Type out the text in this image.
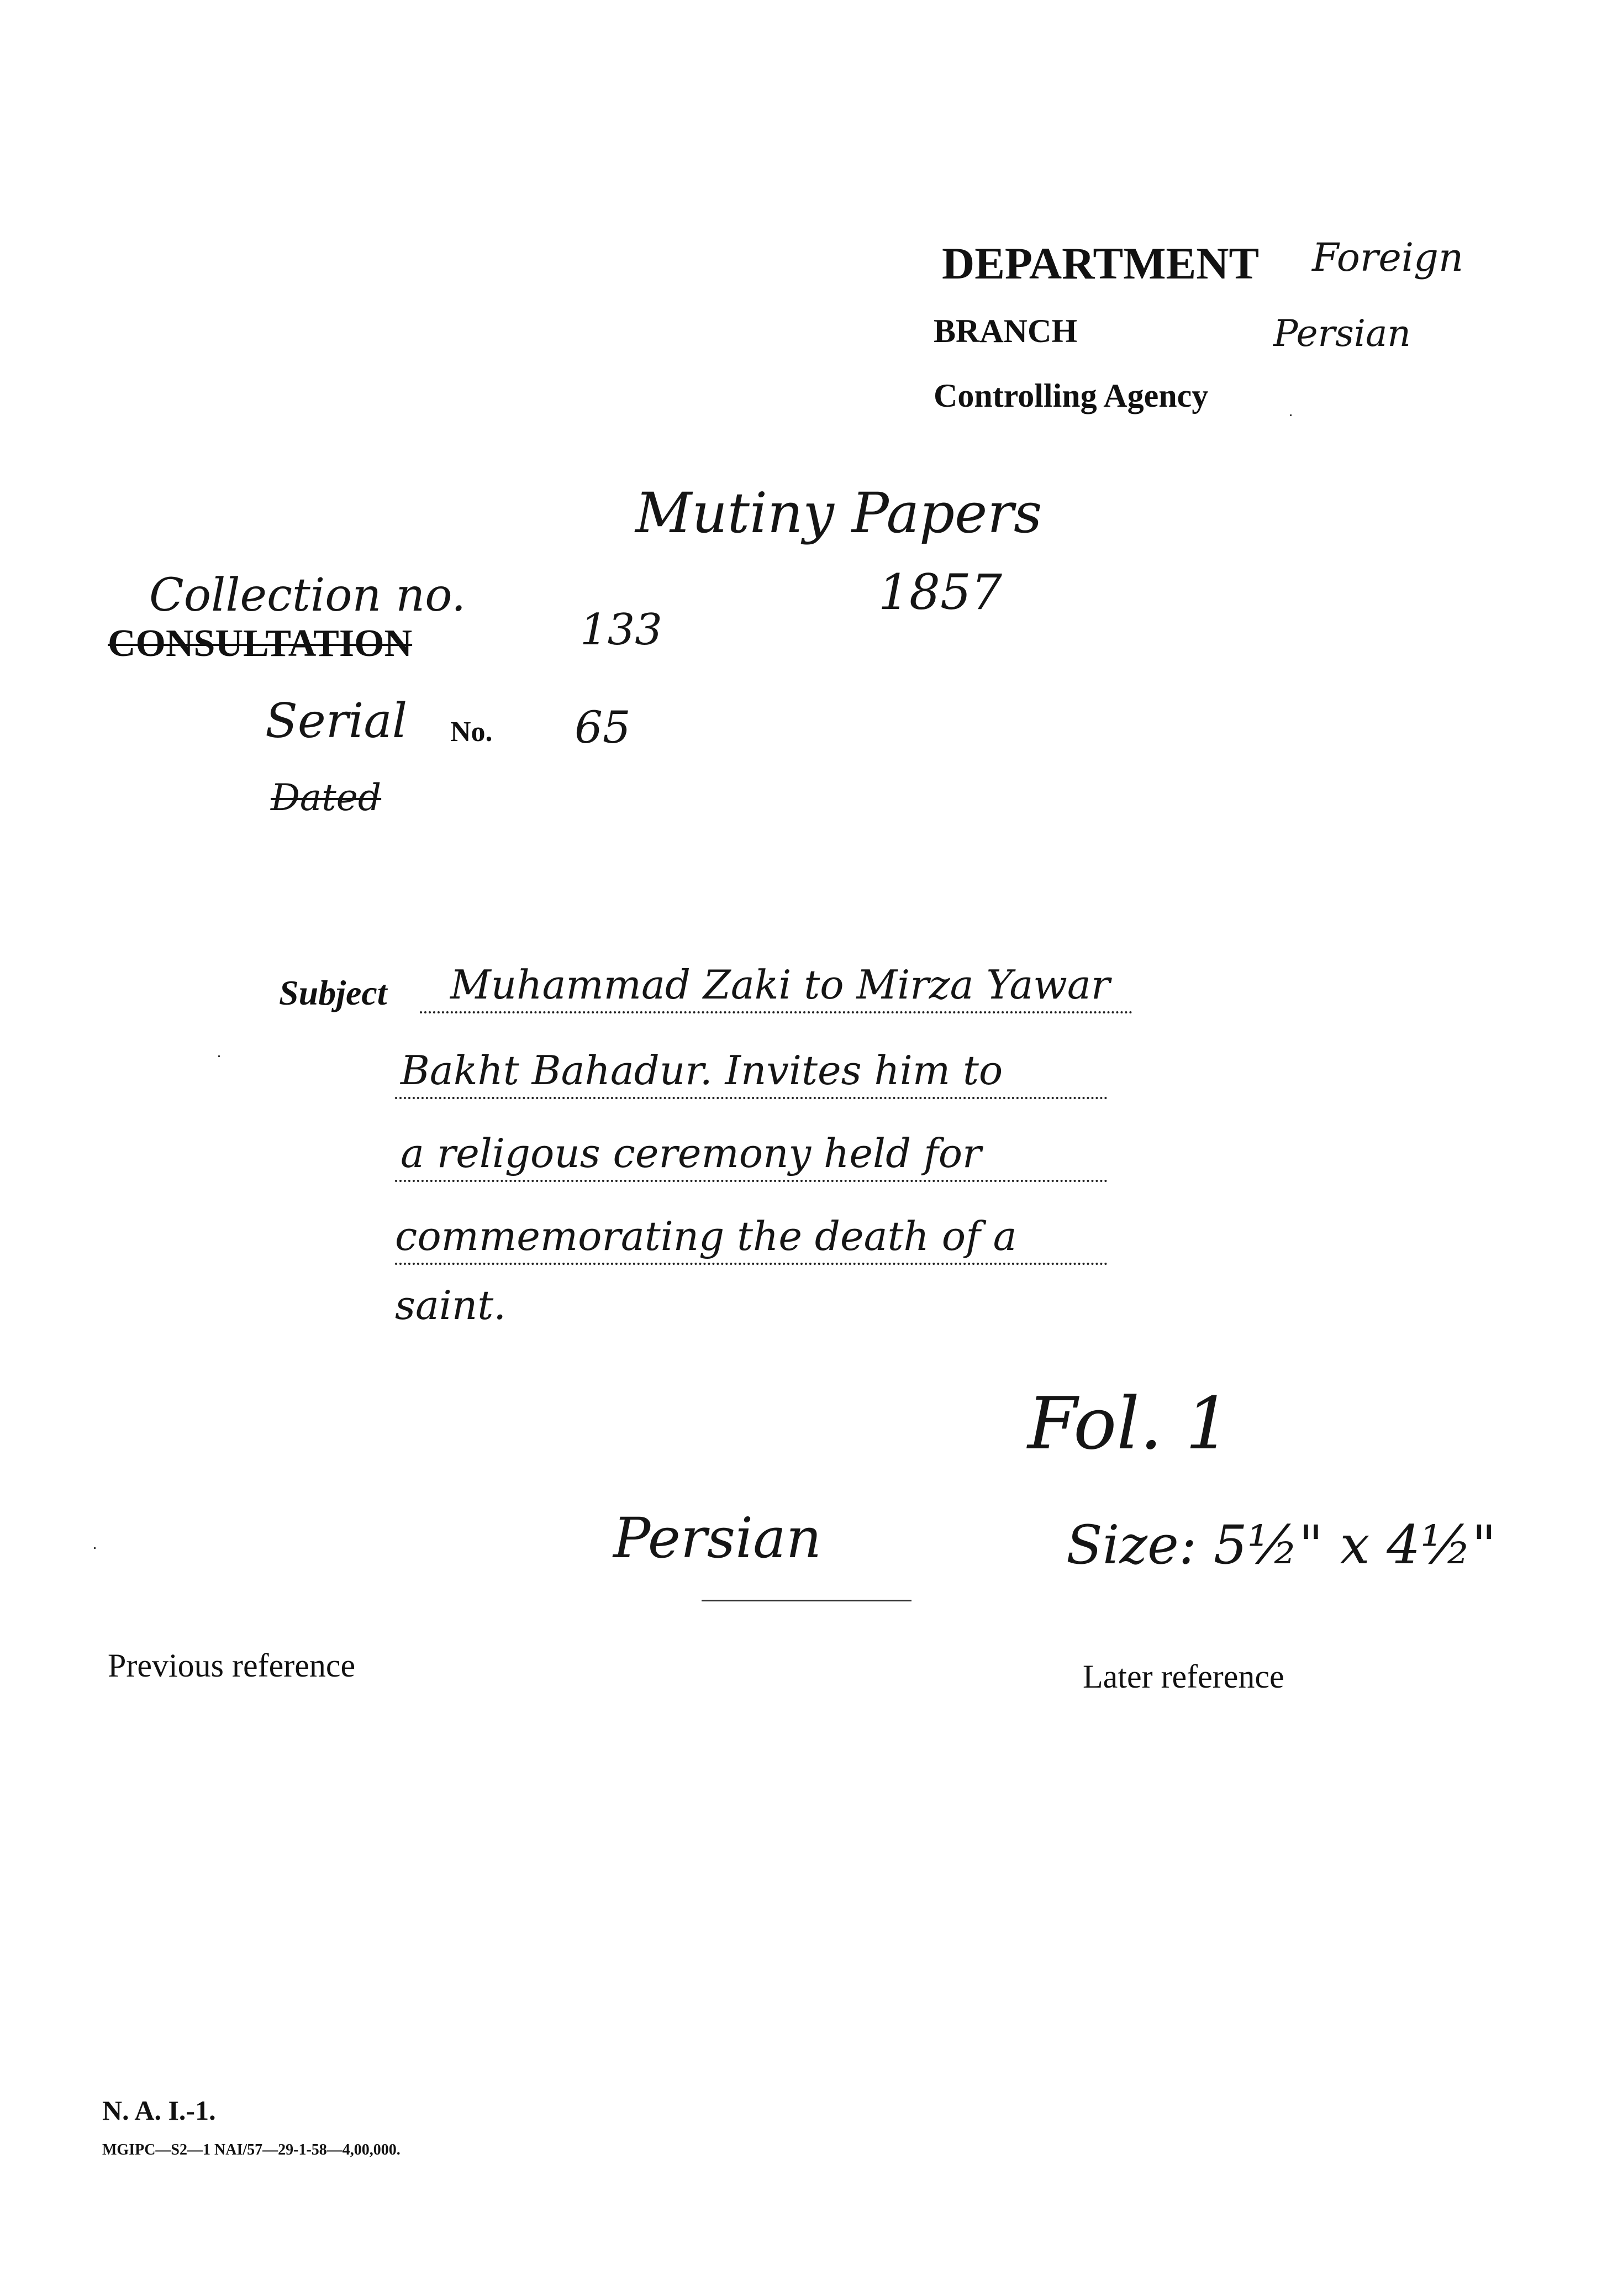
DEPARTMENT Foreign
BRANCH	Persian
Controlling Agency
Mutiny Papers
1857
Collection no.
CONSULTATION	133
Serial No. 65
Dated
Subject Muhammad Zaki to Mirza Yawar
Bakht Bahadur. Invites him to
a religous ceremony held for
commemorating the death of a
saint.
Fol. 1
Persian	Size: 5½" x 4½"
Previous reference	Later reference
N. A. I.-1.
MGIPC—S2—1 NAI/57—29-1-58—4,00,000.
